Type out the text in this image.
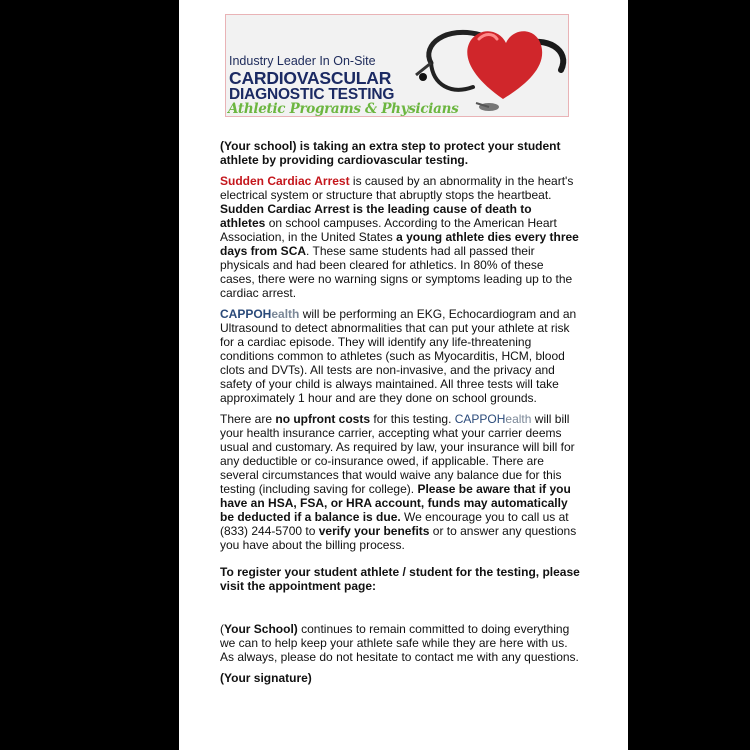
Industry Leader In On-Site
CARDIOVASCULAR
DIAGNOSTIC TESTING
Athletic Programs & Physicians

(Your school) is taking an extra step to protect your student athlete by providing cardiovascular testing.

Sudden Cardiac Arrest is caused by an abnormality in the heart's electrical system or structure that abruptly stops the heartbeat. Sudden Cardiac Arrest is the leading cause of death to athletes on school campuses. According to the American Heart Association, in the United States a young athlete dies every three days from SCA. These same students had all passed their physicals and had been cleared for athletics. In 80% of these cases, there were no warning signs or symptoms leading up to the cardiac arrest.

CAPPOHealth will be performing an EKG, Echocardiogram and an Ultrasound to detect abnormalities that can put your athlete at risk for a cardiac episode. They will identify any life-threatening conditions common to athletes (such as Myocarditis, HCM, blood clots and DVTs). All tests are non-invasive, and the privacy and safety of your child is always maintained. All three tests will take approximately 1 hour and are they done on school grounds.

There are no upfront costs for this testing. CAPPOHealth will bill your health insurance carrier, accepting what your carrier deems usual and customary. As required by law, your insurance will bill for any deductible or co-insurance owed, if applicable. There are several circumstances that would waive any balance due for this testing (including saving for college). Please be aware that if you have an HSA, FSA, or HRA account, funds may automatically be deducted if a balance is due. We encourage you to call us at (833) 244-5700 to verify your benefits or to answer any questions you have about the billing process.

To register your student athlete / student for the testing, please visit the appointment page:

(Your School) continues to remain committed to doing everything we can to help keep your athlete safe while they are here with us. As always, please do not hesitate to contact me with any questions.

(Your signature)
